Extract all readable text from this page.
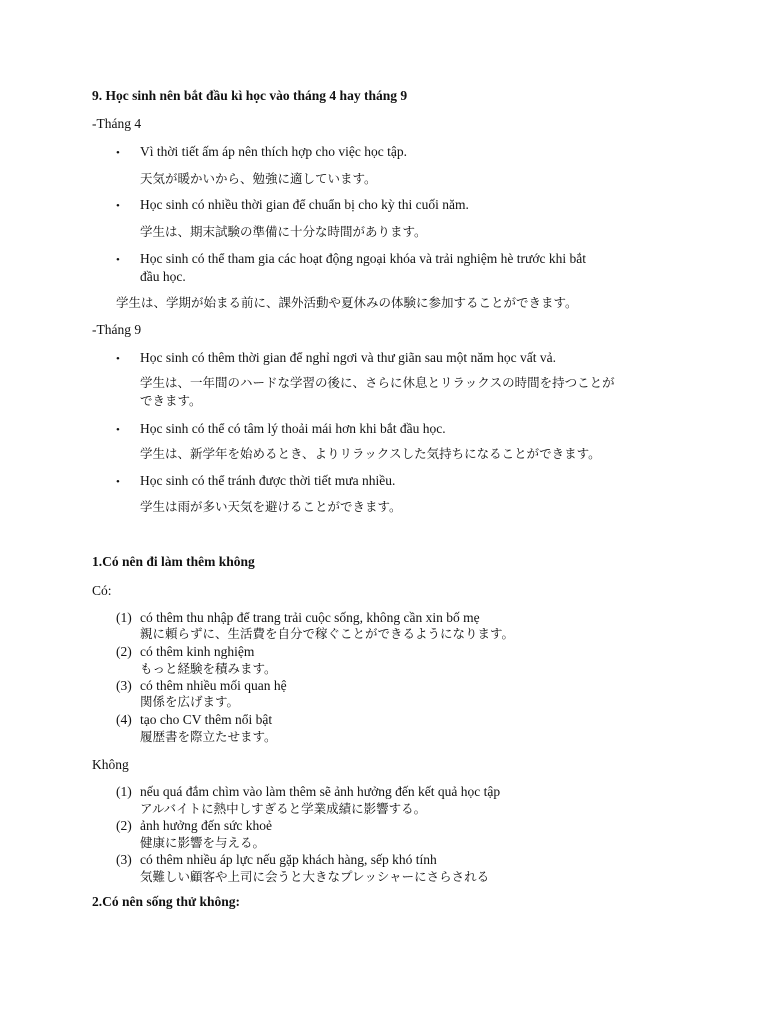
9. Học sinh nên bắt đầu kì học vào tháng 4 hay tháng 9
-Tháng 4
• Vì thời tiết ấm áp nên thích hợp cho việc học tập.
天気が暖かいから、勉強に適しています。
• Học sinh có nhiều thời gian để chuẩn bị cho kỳ thi cuối năm.
学生は、期末試験の準備に十分な時間があります。
• Học sinh có thể tham gia các hoạt động ngoại khóa và trải nghiệm hè trước khi bắt
đầu học.
学生は、学期が始まる前に、課外活動や夏休みの体験に参加することができます。
-Tháng 9
• Học sinh có thêm thời gian để nghỉ ngơi và thư giãn sau một năm học vất vả.
学生は、一年間のハードな学習の後に、さらに休息とリラックスの時間を持つことが
できます。
• Học sinh có thể có tâm lý thoải mái hơn khi bắt đầu học.
学生は、新学年を始めるとき、よりリラックスした気持ちになることができます。
• Học sinh có thể tránh được thời tiết mưa nhiều.
学生は雨が多い天気を避けることができます。
1.Có nên đi làm thêm không
Có:
(1) có thêm thu nhập để trang trải cuộc sống, không cần xin bố mẹ
親に頼らずに、生活費を自分で稼ぐことができるようになります。
(2) có thêm kinh nghiệm
もっと経験を積みます。
(3) có thêm nhiều mối quan hệ
関係を広げます。
(4) tạo cho CV thêm nổi bật
履歴書を際立たせます。
Không
(1) nếu quá đắm chìm vào làm thêm sẽ ảnh hưởng đến kết quả học tập
アルバイトに熱中しすぎると学業成績に影響する。
(2) ảnh hưởng đến sức khoẻ
健康に影響を与える。
(3) có thêm nhiều áp lực nếu gặp khách hàng, sếp khó tính
気難しい顧客や上司に会うと大きなプレッシャーにさらされる
2.Có nên sống thử không:
